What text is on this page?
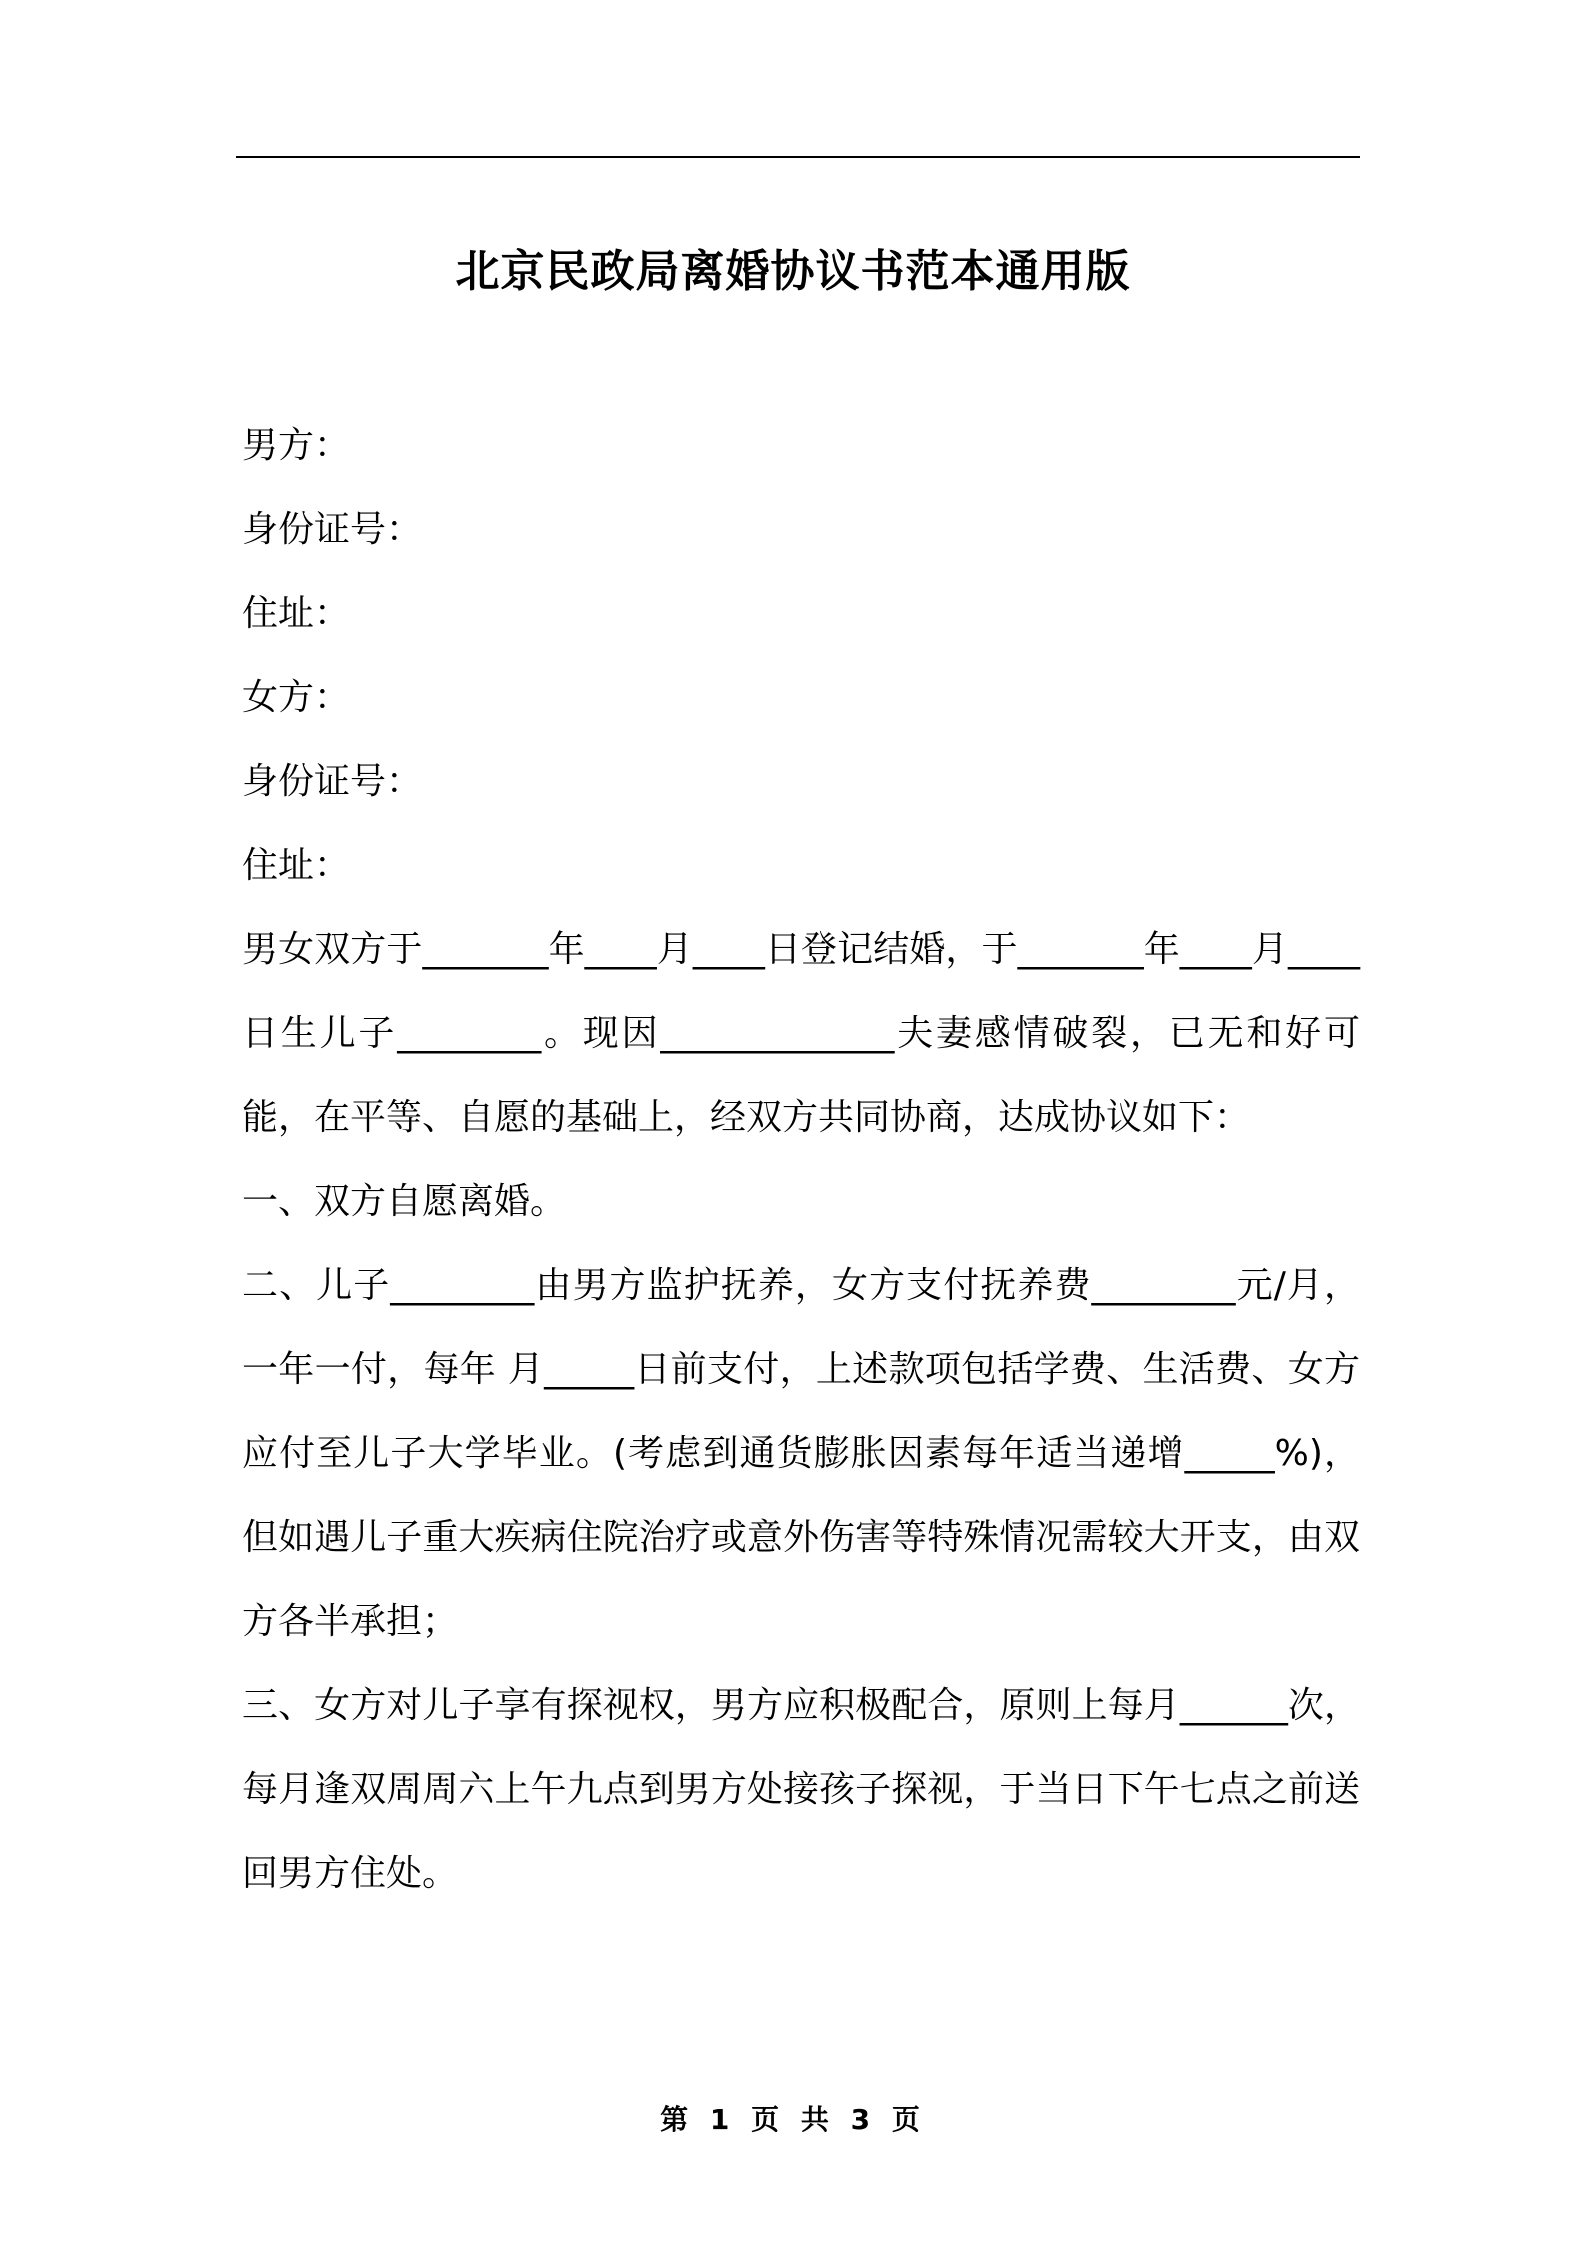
北京民政局离婚协议书范本通用版

男方：

身份证号：

住址：

女方：

身份证号：

住址：

男女双方于_______年____月____日登记结婚，于_______年____月____日生儿子________。现因_____________夫妻感情破裂，已无和好可能，在平等、自愿的基础上，经双方共同协商，达成协议如下：

一、双方自愿离婚。

二、儿子________由男方监护抚养，女方支付抚养费________元/月，一年一付，每年 月_____日前支付，上述款项包括学费、生活费、女方应付至儿子大学毕业。(考虑到通货膨胀因素每年适当递增_____%)，但如遇儿子重大疾病住院治疗或意外伤害等特殊情况需较大开支，由双方各半承担；

三、女方对儿子享有探视权，男方应积极配合，原则上每月______次，每月逢双周周六上午九点到男方处接孩子探视，于当日下午七点之前送回男方住处。

第 1 页 共 3 页
